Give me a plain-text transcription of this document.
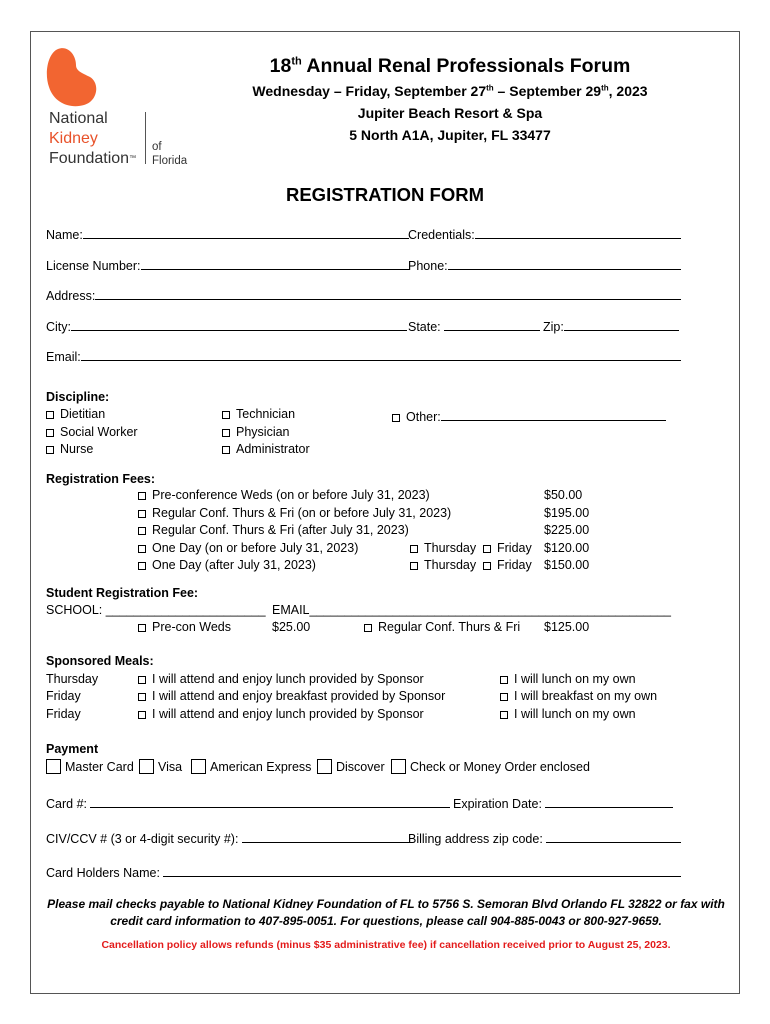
National
Kidney
Foundation™
of
Florida
18th Annual Renal Professionals Forum
Wednesday – Friday, September 27th – September 29th, 2023
Jupiter Beach Resort & Spa
5 North A1A, Jupiter, FL 33477
REGISTRATION FORM
Name:	Credentials:
License Number:	Phone:
Address:
City:	State:	Zip:
Email:
Discipline:
Dietitian
Social Worker
Nurse
Technician
Physician
Administrator
Other:
Registration Fees:
Pre-conference Weds (on or before July 31, 2023)	$50.00
Regular Conf. Thurs & Fri (on or before July 31, 2023)	$195.00
Regular Conf. Thurs & Fri (after July 31, 2023)	$225.00
One Day (on or before July 31, 2023)	Thursday	Friday $120.00
One Day (after July 31, 2023)	Thursday	Friday $150.00
Student Registration Fee:
SCHOOL: _______________________ EMAIL____________________________________________________
Pre-con Weds	$25.00	Regular Conf. Thurs & Fri $125.00
Sponsored Meals:
Thursday	I will attend and enjoy lunch provided by Sponsor	I will lunch on my own
Friday	I will attend and enjoy breakfast provided by Sponsor	I will breakfast on my own
Friday	I will attend and enjoy lunch provided by Sponsor	I will lunch on my own
Payment
Master Card	Visa	American Express	Discover	Check or Money Order enclosed
Card #:	Expiration Date:
CIV/CCV # (3 or 4-digit security #):	Billing address zip code:
Card Holders Name:
Please mail checks payable to National Kidney Foundation of FL to 5756 S. Semoran Blvd Orlando FL 32822 or fax with credit card information to 407-895-0051. For questions, please call 904-885-0043 or 800-927-9659.
Cancellation policy allows refunds (minus $35 administrative fee) if cancellation received prior to August 25, 2023.
